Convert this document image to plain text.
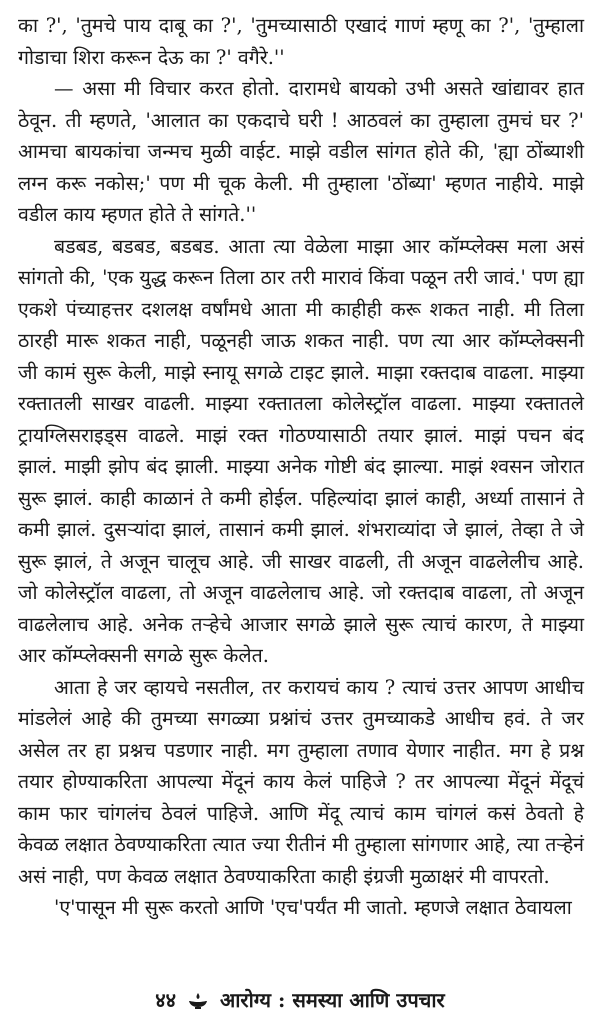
का ?', 'तुमचे पाय दाबू का ?', 'तुमच्यासाठी एखादं गाणं म्हणू का ?', 'तुम्हाला गोडाचा शिरा करून देऊ का ?' वगैरे.''

— असा मी विचार करत होतो. दारामधे बायको उभी असते खांद्यावर हात ठेवून. ती म्हणते, 'आलात का एकदाचे घरी ! आठवलं का तुम्हाला तुमचं घर ?' आमचा बायकांचा जन्मच मुळी वाईट. माझे वडील सांगत होते की, 'ह्या ठोंब्याशी लग्न करू नकोस;' पण मी चूक केली. मी तुम्हाला 'ठोंब्या' म्हणत नाहीये. माझे वडील काय म्हणत होते ते सांगते.''

बडबड, बडबड, बडबड. आता त्या वेळेला माझा आर कॉम्प्लेक्स मला असं सांगतो की, 'एक युद्ध करून तिला ठार तरी मारावं किंवा पळून तरी जावं.' पण ह्या एकशे पंच्याहत्तर दशलक्ष वर्षांमधे आता मी काहीही करू शकत नाही. मी तिला ठारही मारू शकत नाही, पळूनही जाऊ शकत नाही. पण त्या आर कॉम्प्लेक्सनी जी कामं सुरू केली, माझे स्नायू सगळे टाइट झाले. माझा रक्तदाब वाढला. माझ्या रक्तातली साखर वाढली. माझ्या रक्तातला कोलेस्ट्रॉल वाढला. माझ्या रक्तातले ट्रायग्लिसराइड्‌स वाढले. माझं रक्त गोठण्यासाठी तयार झालं. माझं पचन बंद झालं. माझी झोप बंद झाली. माझ्या अनेक गोष्टी बंद झाल्या. माझं श्वसन जोरात सुरू झालं. काही काळानं ते कमी होईल. पहिल्यांदा झालं काही, अर्ध्या तासानं ते कमी झालं. दुसऱ्यांदा झालं, तासानं कमी झालं. शंभराव्यांदा जे झालं, तेव्हा ते जे सुरू झालं, ते अजून चालूच आहे. जी साखर वाढली, ती अजून वाढलेलीच आहे. जो कोलेस्ट्रॉल वाढला, तो अजून वाढलेलाच आहे. जो रक्तदाब वाढला, तो अजून वाढलेलाच आहे. अनेक तऱ्हेचे आजार सगळे झाले सुरू त्याचं कारण, ते माझ्या आर कॉम्प्लेक्सनी सगळे सुरू केलेत.

आता हे जर व्हायचे नसतील, तर करायचं काय ? त्याचं उत्तर आपण आधीच मांडलेलं आहे की तुमच्या सगळ्या प्रश्नांचं उत्तर तुमच्याकडे आधीच हवं. ते जर असेल तर हा प्रश्नच पडणार नाही. मग तुम्हाला तणाव येणार नाहीत. मग हे प्रश्न तयार होण्याकरिता आपल्या मेंदूनं काय केलं पाहिजे ? तर आपल्या मेंदूनं मेंदूचं काम फार चांगलंच ठेवलं पाहिजे. आणि मेंदू त्याचं काम चांगलं कसं ठेवतो हे केवळ लक्षात ठेवण्याकरिता त्यात ज्या रीतीनं मी तुम्हाला सांगणार आहे, त्या तऱ्हेनं असं नाही, पण केवळ लक्षात ठेवण्याकरिता काही इंग्रजी मुळाक्षरं मी वापरतो.

'ए'पासून मी सुरू करतो आणि 'एच'पर्यंत मी जातो. म्हणजे लक्षात ठेवायला

४४ आरोग्य : समस्या आणि उपचार
